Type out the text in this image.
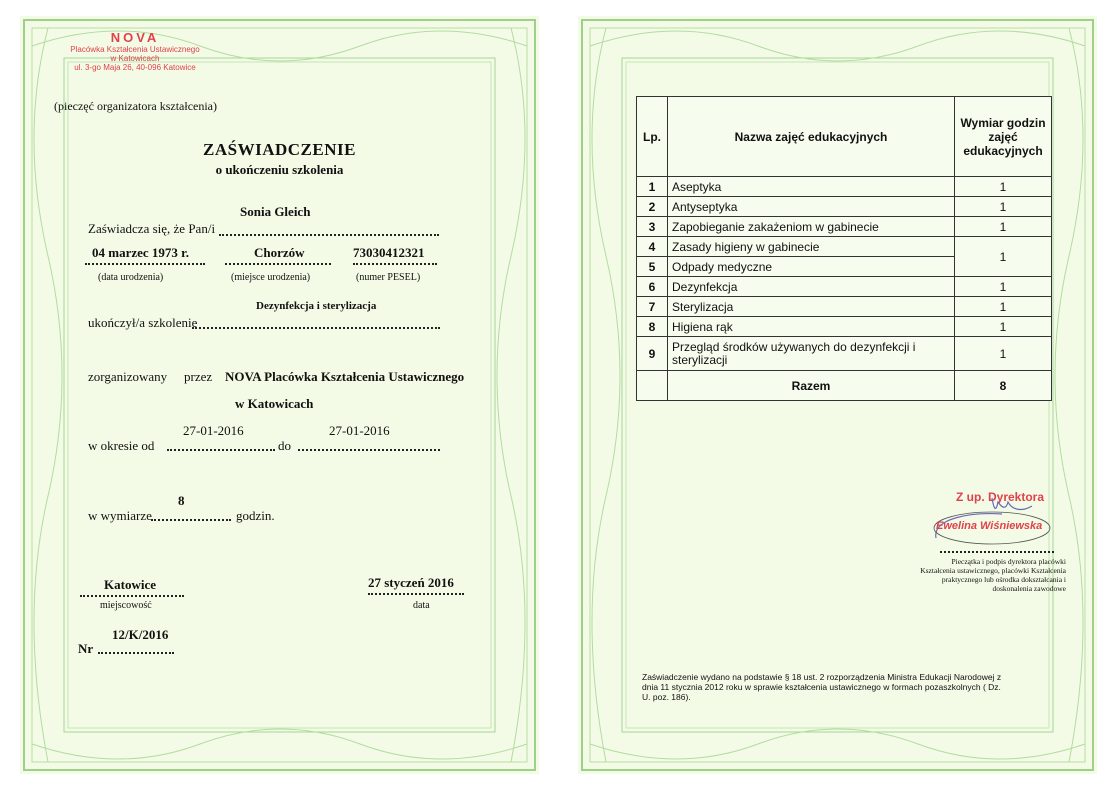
NOVA
Placówka Kształcenia Ustawicznego
w Katowicach
ul. 3-go Maja 26, 40-096 Katowice
(pieczęć organizatora kształcenia)
ZAŚWIADCZENIE
o ukończeniu szkolenia
Sonia Gleich
Zaświadcza się, że Pan/i
04 marzec 1973 r.
(data urodzenia)
Chorzów
(miejsce urodzenia)
73030412321
(numer PESEL)
Dezynfekcja i sterylizacja
ukończył/a szkolenie
zorganizowany przez NOVA Placówka Kształcenia Ustawicznego
w Katowicach
27-01-2016
w okresie od	do
27-01-2016
8
w wymiarze	godzin.
Katowice
miejscowość
27 styczeń 2016
data
12/K/2016
Nr
Lp.	Nazwa zajęć edukacyjnych	Wymiar godzin zajęć edukacyjnych
1	Aseptyka	1
2	Antyseptyka	1
3	Zapobieganie zakażeniom w gabinecie	1
4	Zasady higieny w gabinecie	1
5	Odpady medyczne	
6	Dezynfekcja	1
7	Sterylizacja	1
8	Higiena rąk	1
9	Przegląd środków używanych do dezynfekcji i sterylizacji	1
	Razem	8
Z up. Dyrektora
Ewelina Wiśniewska
Pieczątka i podpis dyrektora placówki Kształcenia ustawicznego, placówki Kształcenia praktycznego lub ośrodka dokształcania i doskonalenia zawodowe
Zaświadczenie wydano na podstawie § 18 ust. 2 rozporządzenia Ministra Edukacji Narodowej z dnia 11 stycznia 2012 roku w sprawie kształcenia ustawicznego w formach pozaszkolnych ( Dz. U. poz. 186).
